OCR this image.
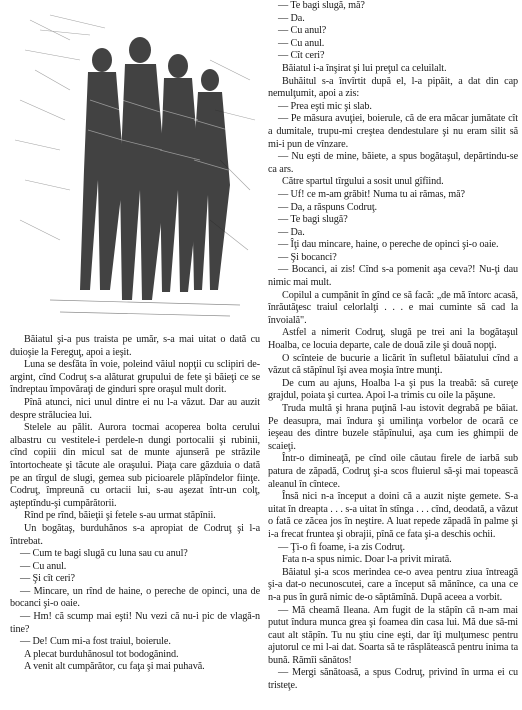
Băiatul şi-a pus traista pe umăr, s-a mai uitat o dată cu duioşie la Fereguţ, apoi a ieşit.

Luna se desfăta în voie, poleind văiul nopţii cu sclipiri de-argint, cînd Codruţ s-a alăturat grupului de fete şi băieţi ce se îndreptau împovăraţi de ginduri spre oraşul mult dorit.

Pînă atunci, nici unul dintre ei nu l-a văzut. Dar au auzit despre străluciea lui.

Stelele au pălit. Aurora tocmai acoperea bolta cerului albastru cu vestitele-i perdele-n dungi portocalii şi rubinii, cînd copiii din micul sat de munte ajunseră pe străzile întortocheate şi tăcute ale oraşului. Piaţa care găzduia o dată pe an tîrgul de slugi, gemea sub picioarele plăpîndelor fiinţe. Codruţ, împreună cu ortacii lui, s-au aşezat într-un colţ, aşteptîndu-şi cumpărătorii.

Rînd pe rînd, băieţii şi fetele s-au urmat stăpînii.

Un bogătaş, burduhănos s-a apropiat de Codruţ şi l-a întrebat.

— Cum te bagi slugă cu luna sau cu anul?

— Cu anul.

— Şi cît ceri?

— Mincare, un rînd de haine, o pereche de opinci, una de bocanci şi-o oaie.

— Hm! că scump mai eşti! Nu vezi că nu-i pic de vlagă-n tine?

— De! Cum mi-a fost traiul, boierule.

A plecat burduhănosul tot bodogănind.

A venit alt cumpărător, cu faţa şi mai puhavă.

— Te bagi slugă, mă?

— Da.

— Cu anul?

— Cu anul.

— Cît ceri?

Băiatul i-a înşirat şi lui preţul ca celuilalt.

Buhăitul s-a învîrtit după el, l-a pipăit, a dat din cap nemulţumit, apoi a zis:

— Prea eşti mic şi slab.

— Pe măsura avuţiei, boierule, că de era măcar jumătate cît a dumitale, trupu-mi creştea dendestulare şi nu eram silit să mi-i pun de vînzare.

— Nu eşti de mine, băiete, a spus bogătaşul, depărtindu-se ca ars.

Către spartul tîrgului a sosit unul gîfîind.

— Uf! ce m-am grăbit! Numa tu ai rămas, mă?

— Da, a răspuns Codruţ.

— Te bagi slugă?

— Da.

— Îţi dau mincare, haine, o pereche de opinci şi-o oaie.

— Şi bocanci?

— Bocanci, ai zis! Cînd s-a pomenit aşa ceva?! Nu-ţi dau nimic mai mult.

Copilul a cumpănit în gînd ce să facă: „de mă întorc acasă, înrăutăţesc traiul celorlalţi . . . e mai cuminte să cad la învoială".

Astfel a nimerit Codruţ, slugă pe trei ani la bogătaşul Hoalba, ce locuia departe, cale de două zile şi două nopţi.

O scînteie de bucurie a licărit în sufletul băiatului cînd a văzut că stăpînul îşi avea moşia între munţi.

De cum au ajuns, Hoalba l-a şi pus la treabă: să cureţe grajdul, poiata şi curtea. Apoi l-a trimis cu oile la păşune.

Truda multă şi hrana puţină l-au istovit degrabă pe băiat. Pe deasupra, mai îndura şi umilinţa vorbelor de ocară ce ieşeau des dintre buzele stăpînului, aşa cum ies ghimpii de scaieţi.

Într-o dimineaţă, pe cînd oile căutau firele de iarbă sub patura de zăpadă, Codruţ şi-a scos fluierul să-şi mai topească aleanul în cîntece.

Însă nici n-a început a doini că a auzit nişte gemete. S-a uitat în dreapta . . . s-a uitat în stînga . . . cînd, deodată, a văzut o fată ce zăcea jos în neştire. A luat repede zăpadă în palme şi i-a frecat fruntea şi obrajii, pînă ce fata şi-a deschis ochii.

— Ţi-o fi foame, i-a zis Codruţ.

Fata n-a spus nimic. Doar l-a privit mirată.

Băiatul şi-a scos merindea ce-o avea pentru ziua întreagă şi-a dat-o necunoscutei, care a început să mănînce, ca una ce n-a pus în gură nimic de-o săptămînă. După aceea a vorbit.

— Mă cheamă Ileana. Am fugit de la stăpîn că n-am mai putut îndura munca grea şi foamea din casa lui. Mă due să-mi caut alt stăpîn. Tu nu ştiu cine eşti, dar îţi mulţumesc pentru ajutorul ce mi l-ai dat. Soarta să te răsplătească pentru inima ta bună. Rămîi sănătos!

— Mergi sănătoasă, a spus Codruţ, privind în urma ei cu tristeţe.
